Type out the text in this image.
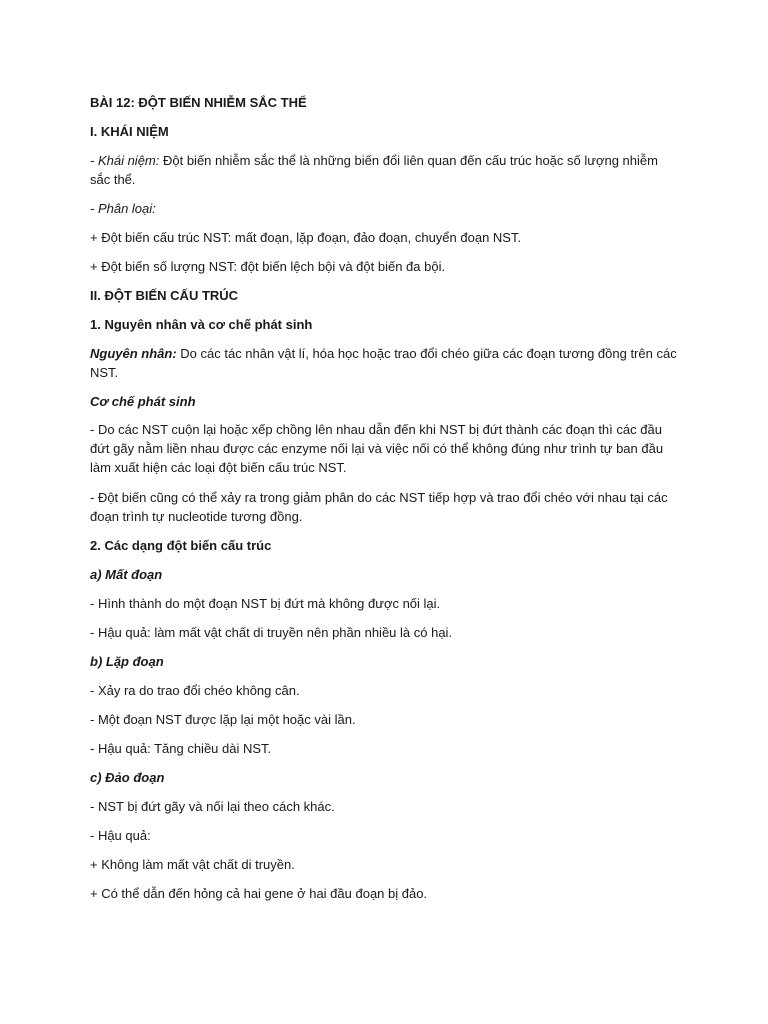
BÀI 12: ĐỘT BIẾN NHIỄM SẮC THỂ

I. KHÁI NIỆM

- Khái niệm: Đột biến nhiễm sắc thể là những biến đổi liên quan đến cấu trúc hoặc số lượng nhiễm sắc thể.

- Phân loại:

+ Đột biến cấu trúc NST: mất đoạn, lặp đoạn, đảo đoạn, chuyển đoạn NST.

+ Đột biến số lượng NST: đột biến lệch bội và đột biến đa bội.

II. ĐỘT BIẾN CẤU TRÚC

1. Nguyên nhân và cơ chế phát sinh

Nguyên nhân: Do các tác nhân vật lí, hóa học hoặc trao đổi chéo giữa các đoạn tương đồng trên các NST.

Cơ chế phát sinh

- Do các NST cuộn lại hoặc xếp chồng lên nhau dẫn đến khi NST bị đứt thành các đoạn thì các đầu đứt gãy nằm liền nhau được các enzyme nối lại và việc nối có thể không đúng như trình tự ban đầu làm xuất hiện các loại đột biến cấu trúc NST.

- Đột biến cũng có thể xảy ra trong giảm phân do các NST tiếp hợp và trao đổi chéo với nhau tại các đoạn trình tự nucleotide tương đồng.

2. Các dạng đột biến cấu trúc

a) Mất đoạn

- Hình thành do một đoạn NST bị đứt mà không được nối lại.

- Hậu quả: làm mất vật chất di truyền nên phần nhiều là có hại.

b) Lặp đoạn

- Xảy ra do trao đổi chéo không cân.

- Một đoạn NST được lặp lại một hoặc vài lần.

- Hậu quả: Tăng chiều dài NST.

c) Đảo đoạn

- NST bị đứt gãy và nối lại theo cách khác.

- Hậu quả:

+ Không làm mất vật chất di truyền.

+ Có thể dẫn đến hỏng cả hai gene ở hai đầu đoạn bị đảo.
